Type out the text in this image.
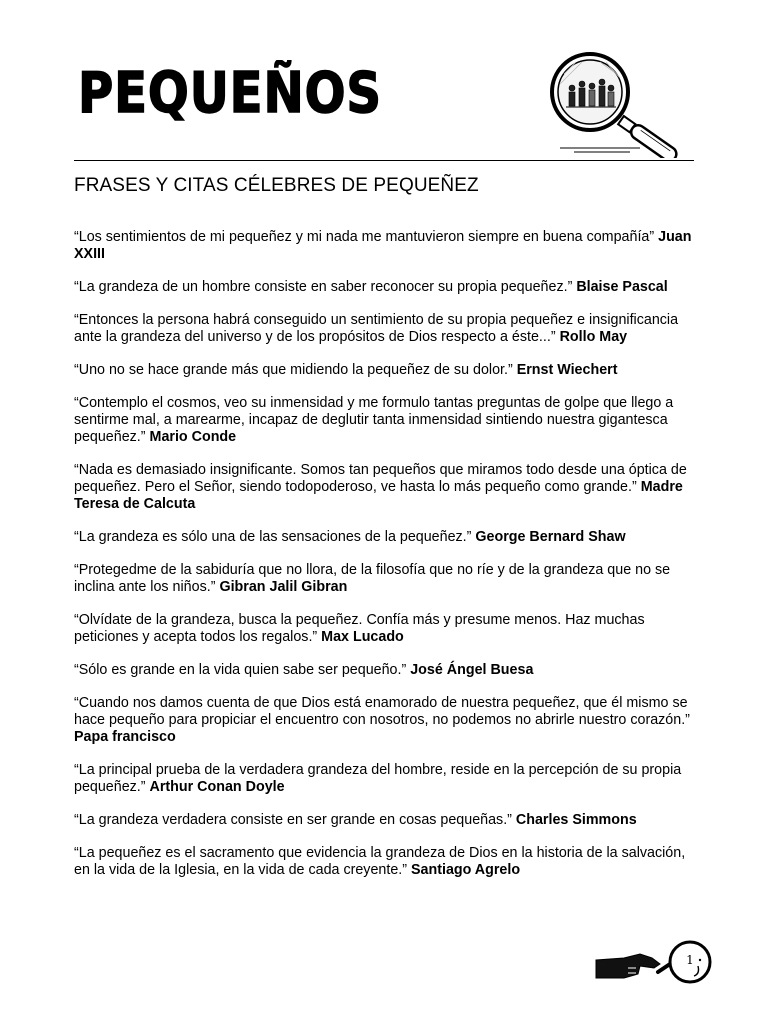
PEQUEÑOS
FRASES Y CITAS CÉLEBRES DE PEQUEÑEZ

“Los sentimientos de mi pequeñez y mi nada me mantuvieron siempre en buena compañía” Juan XXIII

“La grandeza de un hombre consiste en saber reconocer su propia pequeñez.” Blaise Pascal

“Entonces la persona habrá conseguido un sentimiento de su propia pequeñez e insignificancia ante la grandeza del universo y de los propósitos de Dios respecto a éste...” Rollo May

“Uno no se hace grande más que midiendo la pequeñez de su dolor.” Ernst Wiechert

“Contemplo el cosmos, veo su inmensidad y me formulo tantas preguntas de golpe que llego a sentirme mal, a marearme, incapaz de deglutir tanta inmensidad sintiendo nuestra gigantesca pequeñez.” Mario Conde

“Nada es demasiado insignificante. Somos tan pequeños que miramos todo desde una óptica de pequeñez. Pero el Señor, siendo todopoderoso, ve hasta lo más pequeño como grande.” Madre Teresa de Calcuta

“La grandeza es sólo una de las sensaciones de la pequeñez.” George Bernard Shaw

“Protegedme de la sabiduría que no llora, de la filosofía que no ríe y de la grandeza que no se inclina ante los niños.” Gibran Jalil Gibran

“Olvídate de la grandeza, busca la pequeñez. Confía más y presume menos. Haz muchas peticiones y acepta todos los regalos.” Max Lucado

“Sólo es grande en la vida quien sabe ser pequeño.” José Ángel Buesa

“Cuando nos damos cuenta de que Dios está enamorado de nuestra pequeñez, que él mismo se hace pequeño para propiciar el encuentro con nosotros, no podemos no abrirle nuestro corazón.” Papa francisco

“La principal prueba de la verdadera grandeza del hombre, reside en la percepción de su propia pequeñez.” Arthur Conan Doyle

“La grandeza verdadera consiste en ser grande en cosas pequeñas.” Charles Simmons

“La pequeñez es el sacramento que evidencia la grandeza de Dios en la historia de la salvación, en la vida de la Iglesia, en la vida de cada creyente.” Santiago Agrelo

1
